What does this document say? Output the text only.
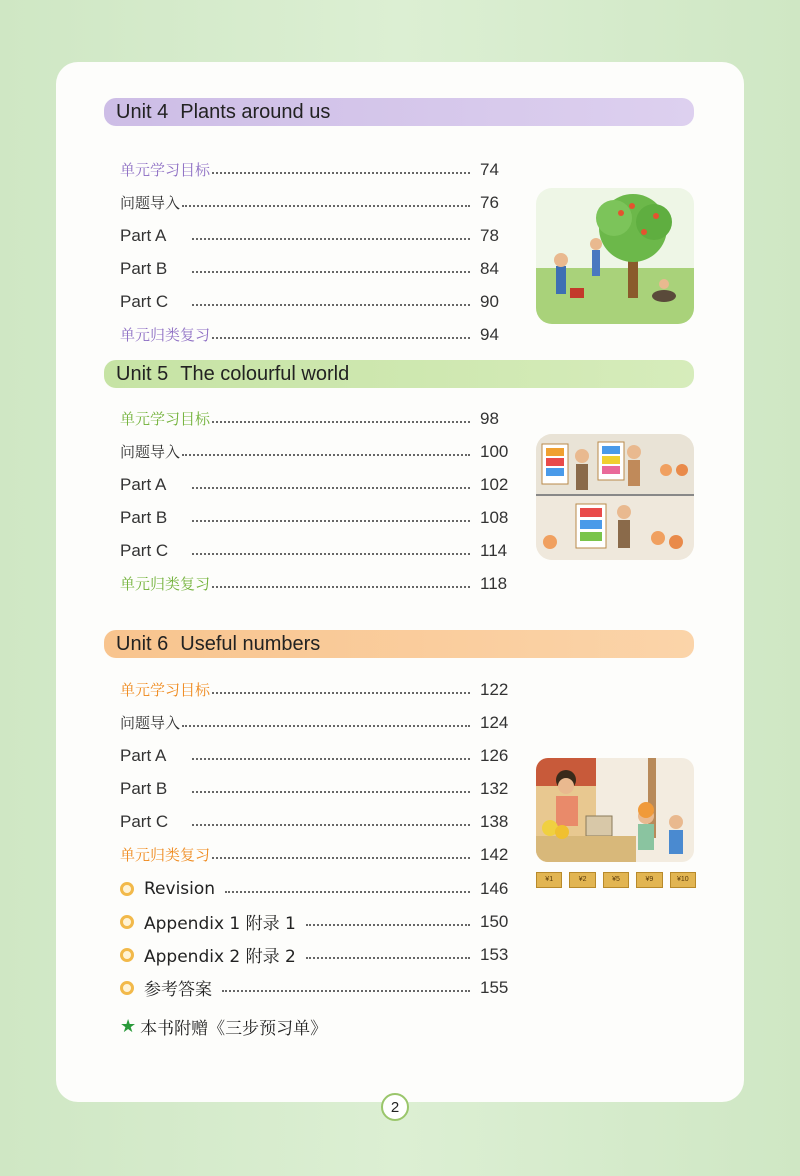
Unit 4 Plants around us
单元学习目标	74
问题导入	76
Part A	78
Part B	84
Part C	90
单元归类复习	94
Unit 5 The colourful world
单元学习目标	98
问题导入	100
Part A	102
Part B	108
Part C	114
单元归类复习	118
Unit 6 Useful numbers
单元学习目标	122
问题导入	124
Part A	126
Part B	132
Part C	138
单元归类复习	142
¥1	¥2	¥5	¥9	¥10
Revision	146
Appendix 1 附录 1	150
Appendix 2 附录 2	153
参考答案	155
★ 本书附赠《三步预习单》
2
